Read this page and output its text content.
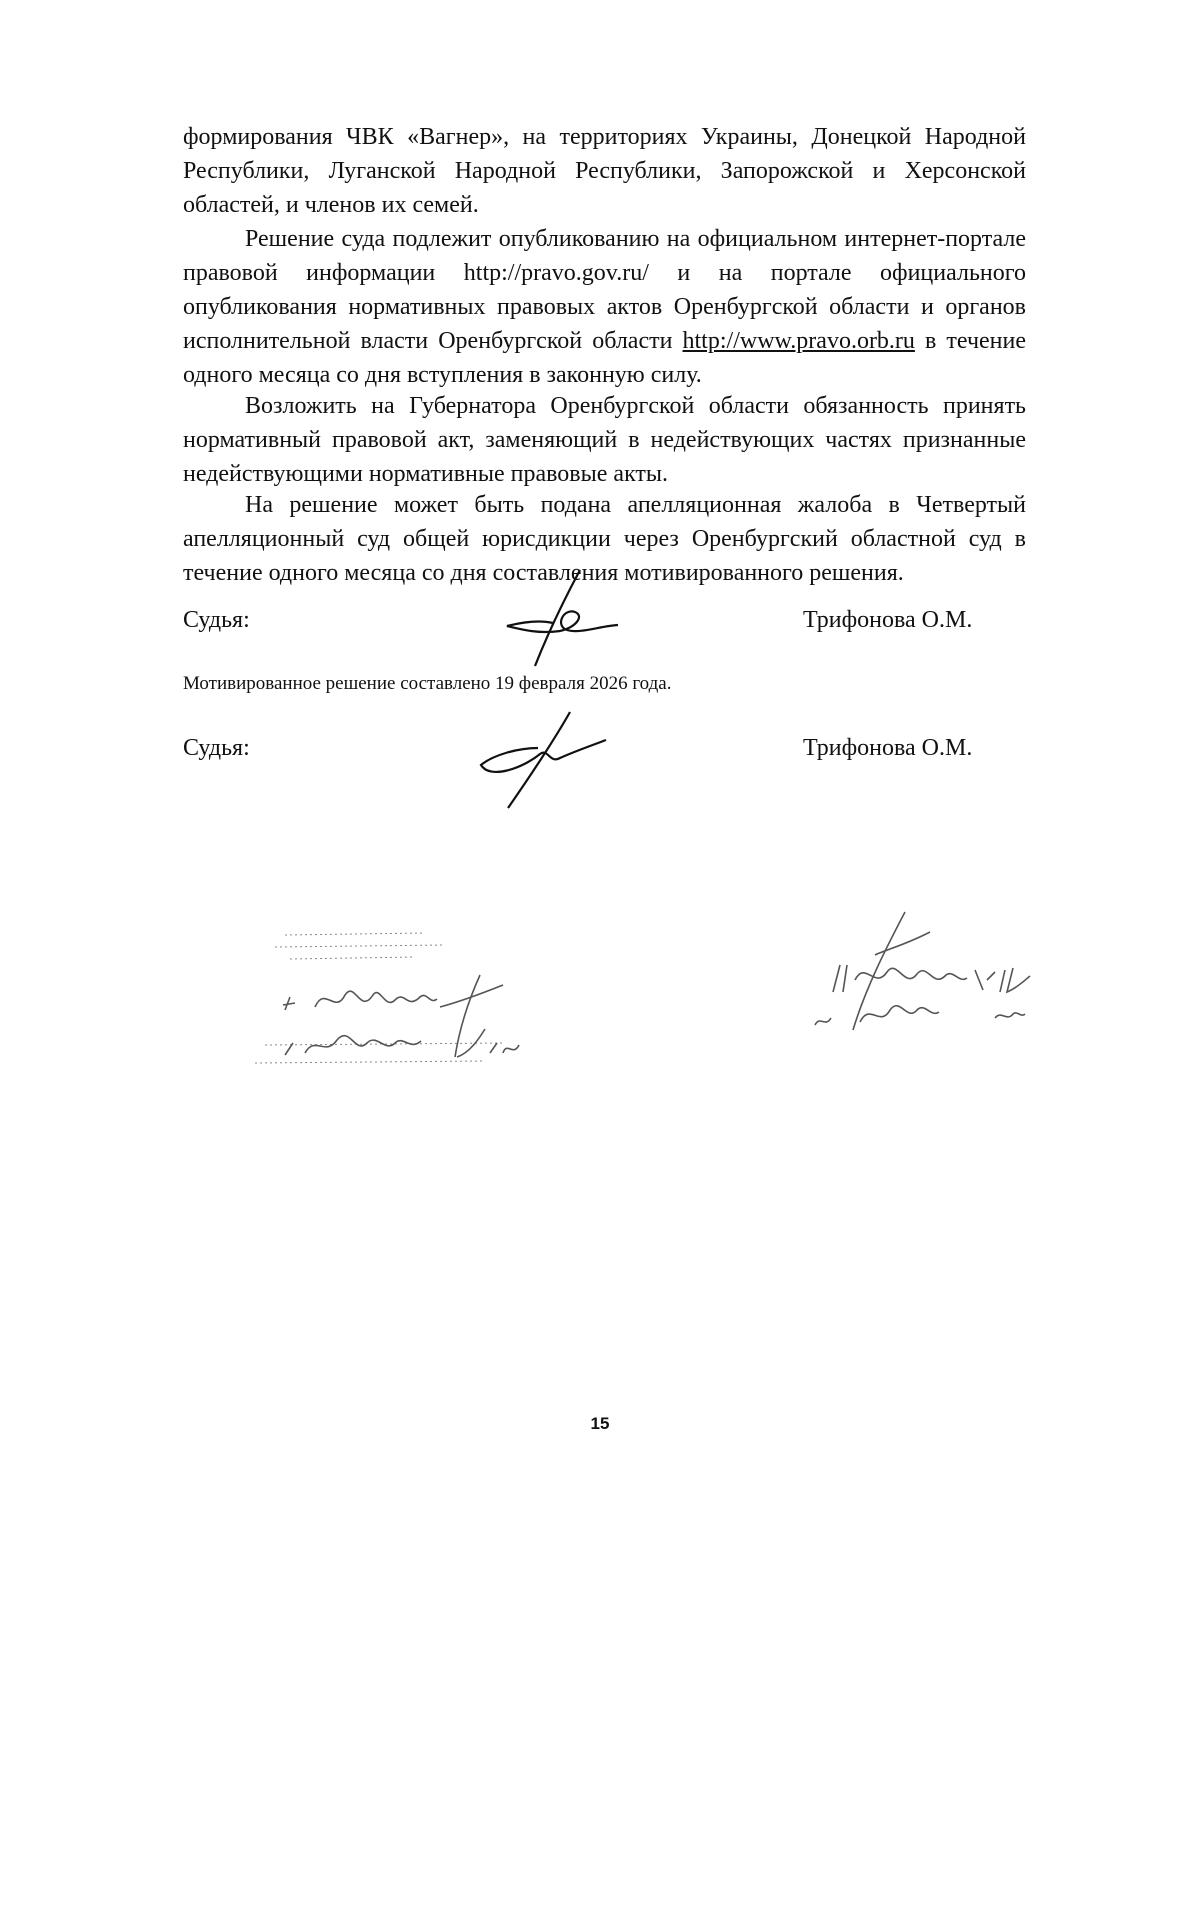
формирования ЧВК «Вагнер», на территориях Украины, Донецкой Народной Республики, Луганской Народной Республики, Запорожской и Херсонской областей, и членов их семей.

Решение суда подлежит опубликованию на официальном интернет-портале правовой информации http://pravo.gov.ru/ и на портале официального опубликования нормативных правовых актов Оренбургской области и органов исполнительной власти Оренбургской области http://www.pravo.orb.ru в течение одного месяца со дня вступления в законную силу.

Возложить на Губернатора Оренбургской области обязанность принять нормативный правовой акт, заменяющий в недействующих частях признанные недействующими нормативные правовые акты.

На решение может быть подана апелляционная жалоба в Четвертый апелляционный суд общей юрисдикции через Оренбургский областной суд в течение одного месяца со дня составления мотивированного решения.

Судья:	Трифонова О.М.
Мотивированное решение составлено 19 февраля 2026 года.
Судья:	Трифонова О.М.
15
